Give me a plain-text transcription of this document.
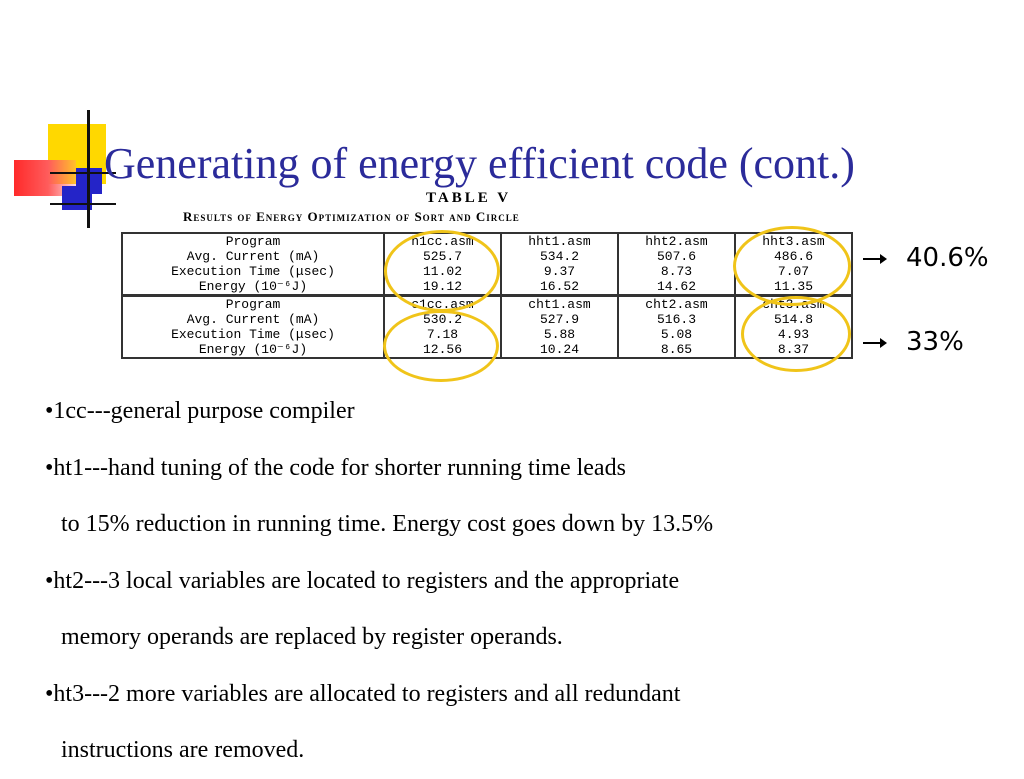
Generating of energy efficient code (cont.)
TABLE V
Results of Energy Optimization of Sort and Circle
Program	h1cc.asm	hht1.asm	hht2.asm	hht3.asm
Avg. Current (mA)	525.7	534.2	507.6	486.6
Execution Time (μsec)	11.02	9.37	8.73	7.07
Energy (10⁻⁶J)	19.12	16.52	14.62	11.35
Program	c1cc.asm	cht1.asm	cht2.asm	cht3.asm
Avg. Current (mA)	530.2	527.9	516.3	514.8
Execution Time (μsec)	7.18	5.88	5.08	4.93
Energy (10⁻⁶J)	12.56	10.24	8.65	8.37
40.6%
33%
•1cc---general purpose compiler
•ht1---hand tuning of the code for shorter running time leads
to 15% reduction in running time. Energy cost goes down by 13.5%
•ht2---3 local variables are located to registers and the appropriate
memory operands are replaced by register operands.
•ht3---2 more variables are allocated to registers and all redundant
instructions are removed.
